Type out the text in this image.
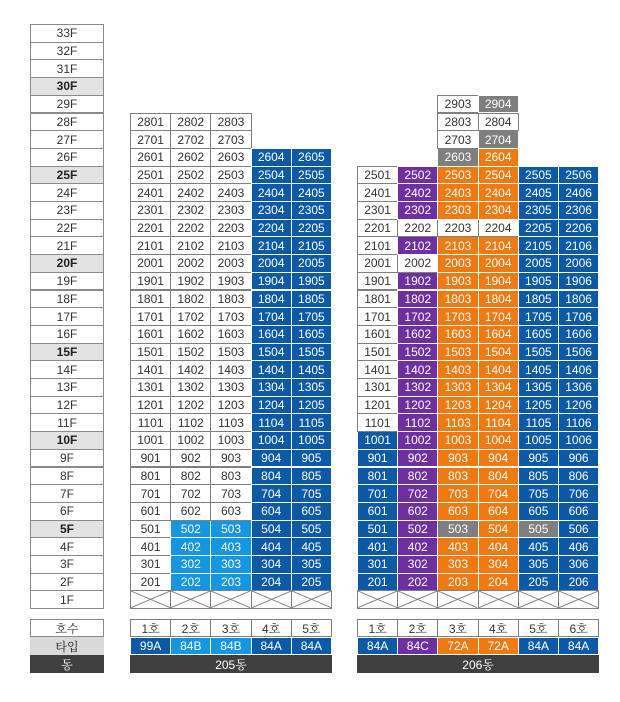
33F
32F
31F
30F
29F
28F
27F
26F
25F
24F
23F
22F
21F
20F
19F
18F
17F
16F
15F
14F
13F
12F
11F
10F
9F
8F
7F
6F
5F
4F
3F
2F
1F
호수
타입
동
201
301
401
501
601
701
801
901
1001
1101
1201
1301
1401
1501
1601
1701
1801
1901
2001
2101
2201
2301
2401
2501
2601
2701
2801
1호
99A
202
302
402
502
602
702
802
902
1002
1102
1202
1302
1402
1502
1602
1702
1802
1902
2002
2102
2202
2302
2402
2502
2602
2702
2802
2호
84B
203
303
403
503
603
703
803
903
1003
1103
1203
1303
1403
1503
1603
1703
1803
1903
2003
2103
2203
2303
2403
2503
2603
2703
2803
3호
84B
204
304
404
504
604
704
804
904
1004
1104
1204
1304
1404
1504
1604
1704
1804
1904
2004
2104
2204
2304
2404
2504
2604
4호
84A
205
305
405
505
605
705
805
905
1005
1105
1205
1305
1405
1505
1605
1705
1805
1905
2005
2105
2205
2305
2405
2505
2605
5호
84A
205동
201
301
401
501
601
701
801
901
1001
1101
1201
1301
1401
1501
1601
1701
1801
1901
2001
2101
2201
2301
2401
2501
1호
84A
202
302
402
502
602
702
802
902
1002
1102
1202
1302
1402
1502
1602
1702
1802
1902
2002
2102
2202
2302
2402
2502
2호
84C
203
303
403
503
603
703
803
903
1003
1103
1203
1303
1403
1503
1603
1703
1803
1903
2003
2103
2203
2303
2403
2503
2603
2703
2803
2903
3호
72A
204
304
404
504
604
704
804
904
1004
1104
1204
1304
1404
1504
1604
1704
1804
1904
2004
2104
2204
2304
2404
2504
2604
2704
2804
2904
4호
72A
205
305
405
505
605
705
805
905
1005
1105
1205
1305
1405
1505
1605
1705
1805
1905
2005
2105
2205
2305
2405
2505
5호
84A
206
306
406
506
606
706
806
906
1006
1106
1206
1306
1406
1506
1606
1706
1806
1906
2006
2106
2206
2306
2406
2506
6호
84A
206동
